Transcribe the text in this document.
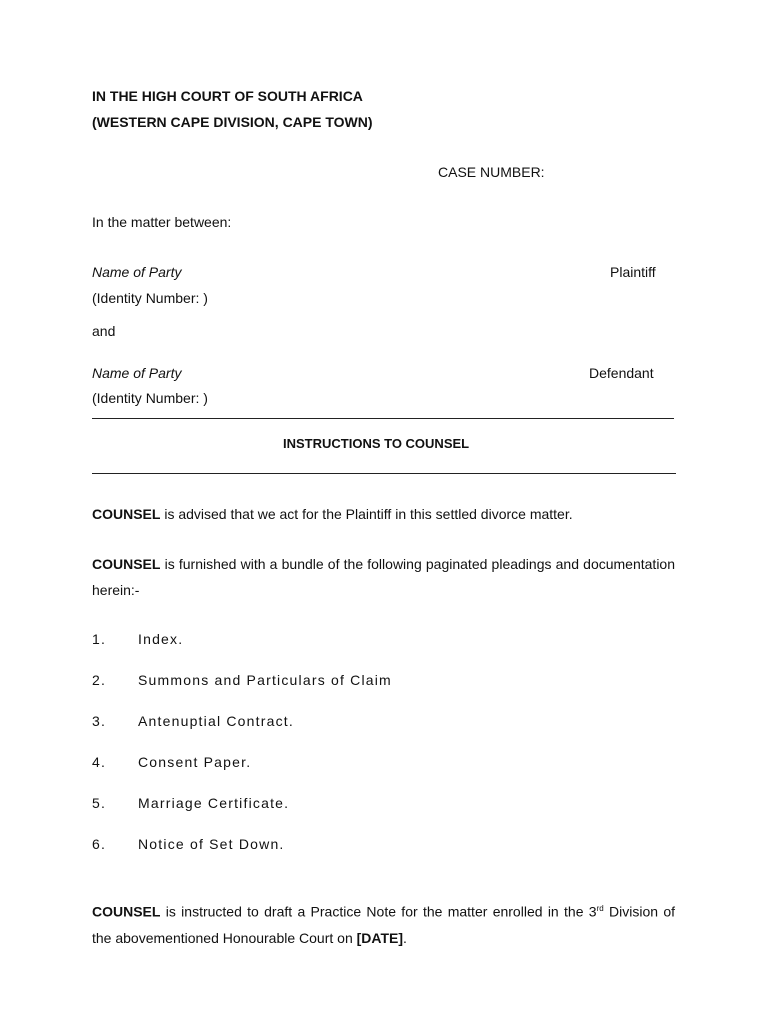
IN THE HIGH COURT OF SOUTH AFRICA
(WESTERN CAPE DIVISION, CAPE TOWN)
CASE NUMBER:
In the matter between:
Name of Party	Plaintiff
(Identity Number: )
and
Name of Party	Defendant
(Identity Number: )
INSTRUCTIONS TO COUNSEL
COUNSEL is advised that we act for the Plaintiff in this settled divorce matter.
COUNSEL is furnished with a bundle of the following paginated pleadings and documentation herein:-
1. Index.
2. Summons and Particulars of Claim
3. Antenuptial Contract.
4. Consent Paper.
5. Marriage Certificate.
6. Notice of Set Down.
COUNSEL is instructed to draft a Practice Note for the matter enrolled in the 3rd Division of the abovementioned Honourable Court on [DATE].
